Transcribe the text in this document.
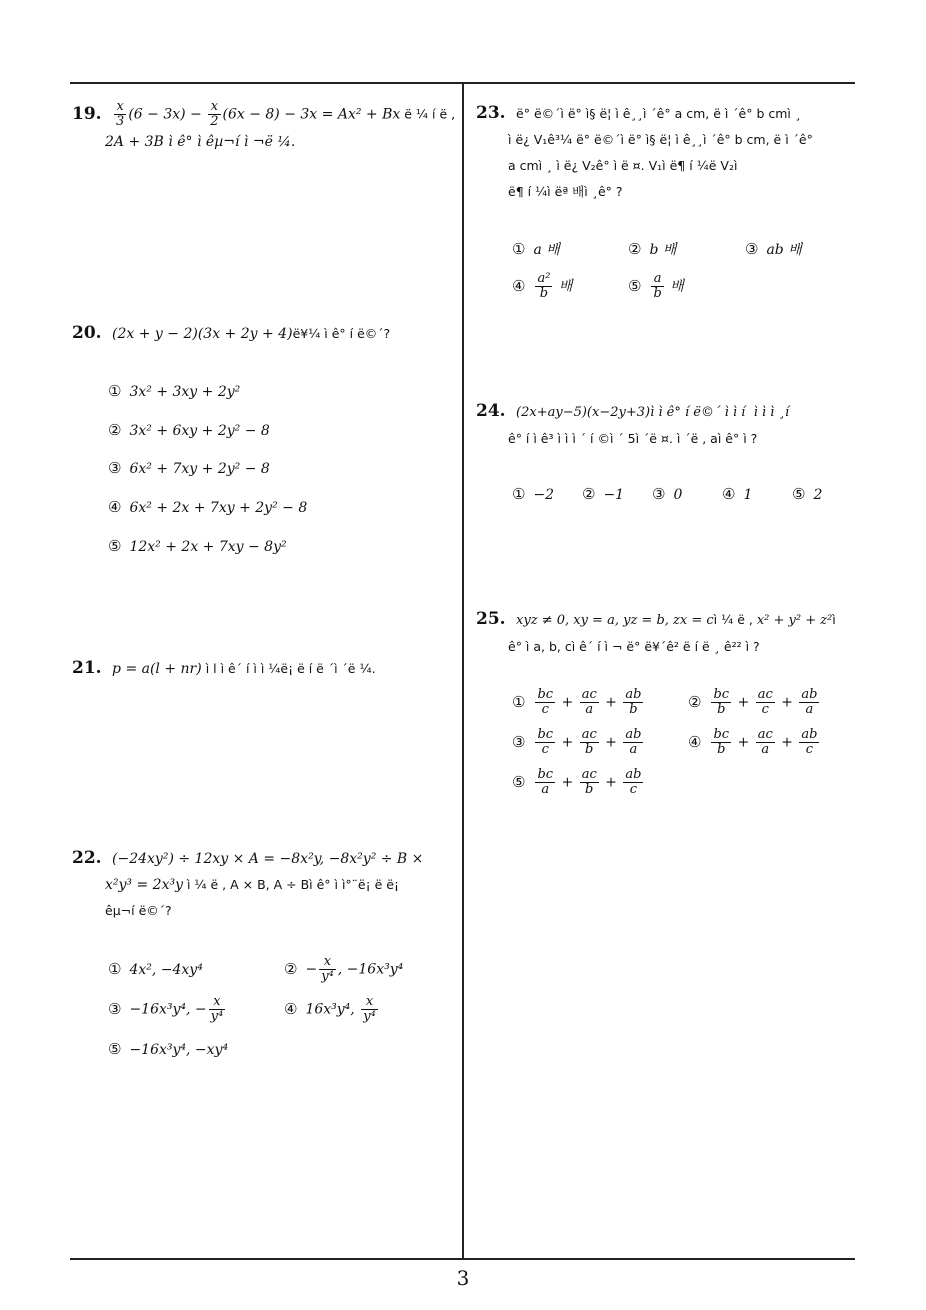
19. $\frac{x}{3} (6 - 3x) - \frac{x}{2} (6x - 8) - 3x = Ax^2 + Bx$ ë ¼ í ë ,
2A + 3B ì ê° ì êµ¬í ì ¬ë ¼.
20. (2x + y − 2)(3x + 2y + 4)ë¥¼ ì ê° í ë©´?
① 3x² + 3xy + 2y²
② 3x² + 6xy + 2y² − 8
③ 6x² + 7xy + 2y² − 8
④ 6x² + 2x + 7xy + 2y² − 8
⑤ 12x² + 2x + 7xy − 8y²
21. p = a(l + nr) ì l ì ê´ í ì ì ¼ë¡ ë í ë ´ì ´ë ¼.
22. (−24xy²) ÷ 12xy × A = −8x²y, −8x²y² ÷ B ×
x²y³ = 2x³y ì ¼ ë , A × B, A ÷ Bì ê° ì ì°¨ë¡ ë ë¡
êµ¬í ë©´?
① 4x², −4xy⁴	② − $\frac{x}{\text{y⁴}}$ , −16x³y⁴
③ −16x³y⁴, − $\frac{x}{\text{y⁴}}$	④ 16x³y⁴, $\frac{x}{\text{y⁴}}$
⑤ −16x³y⁴, −xy⁴
23. ë° ë©´ì ë° ì§ ë¦ ì ê¸¸ì ´ê° a cm, ë ì ´ê° b cmì ¸
ì ë¿ V₁ê³¼ ë° ë©´ì ë° ì§ ë¦ ì ê¸¸ì ´ê° b cm, ë ì ´ê°
a cmì ¸ ì ë¿ V₂ê° ì ë ¤. V₁ì ë¶ í ¼ë V₂ì
ë¶ í ¼ì ëª 배ì ¸ê° ?
① a 배	② b 배	③ ab 배
④ $\frac{\text{a²}}{b}$ 배	⑤ $\frac{a}{b}$ 배
24. (2x+ay−5)(x−2y+3)ì ì ê° í ë©´ ì ì í ì ì ì ¸í
ê° í ì ê³ ì ì ì ´ í ©ì ´ 5ì ´ë ¤. ì ´ë , aì ê° ì ?
① −2 ② −1 ③ 0	④ 1	⑤ 2
25. xyz ≠ 0, xy = a, yz = b, zx = cì ¼ ë , x² + y² + z²ì
ê° ì a, b, cì ê´ í ì ¬ ë° ë¥´ê² ë í ë ¸ ê²² ì ?
① $\frac{bc}{c} + \frac{ac}{a} + \frac{ab}{b}$	② $\frac{bc}{b} + \frac{ac}{c} + \frac{ab}{a}$
③ $\frac{bc}{c} + \frac{ac}{b} + \frac{ab}{a}$	④ $\frac{bc}{b} + \frac{ac}{a} + \frac{ab}{c}$
⑤ $\frac{bc}{a} + \frac{ac}{b} + \frac{ab}{c}$
3
